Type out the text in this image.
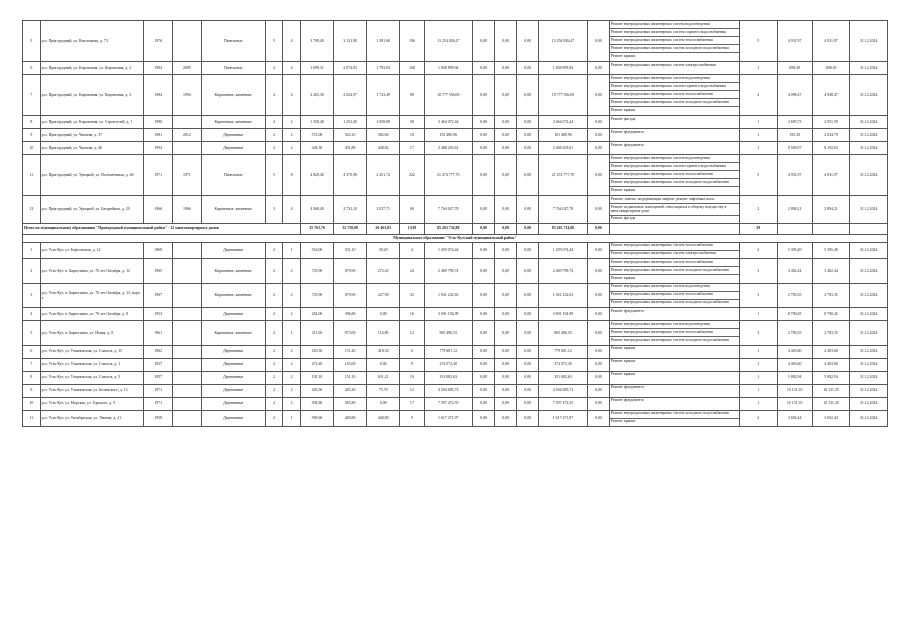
5	р.п. Пригородный, ул. Вокзальная, д. 73	1976		Панельные	5	4	3 709,40	3 121,90	1 381,60	196	13 254 826,47	0,00	0,00	0,00	13 254 826,47	0,00	Ремонт внутридомовых инженерных систем водоотведения
Ремонт внутридомовых инженерных систем горячего водоснабжения
Ремонт внутридомовых инженерных систем теплоснабжения
Ремонт внутридомовых инженерных систем холодного водоснабжения
Ремонт крыши	5	4 931,97	4 931,97	31.12.2024
6	р.п. Пригородный, ул. Кирпичная, ул. Кирпичная, д. 2	1984	2009	Панельные	4	4	1 699,31	2 074,92	1 783,94	168	1 838 899,94	0,00	0,00	0,00	1 838 899,94	0,00	Ремонт внутридомовых инженерных систем электроснабжения	1	698,30	698,30	31.12.2024
7	р.п. Пригородный, ул. Кирпичная, ул. Кирпичная, д. 3	1984	1994	Кирпичные, каменные	4	4	2 265,30	2 024,97	1 723,49	98	10 777 556,00	0,00	0,00	0,00	10 777 556,00	0,00	Ремонт внутридомовых инженерных систем водоотведения
Ремонт внутридомовых инженерных систем горячего водоснабжения
Ремонт внутридомовых инженерных систем теплоснабжения
Ремонт внутридомовых инженерных систем холодного водоснабжения
Ремонт крыши	4	4 098,47	4 948,47	31.12.2024
8	р.п. Пригородный, ул. Кирпичная, ул. Строителей, д. 1	1980		Кирпичные, каменные	4	2	1 358,40	1 253,40	1 058,08	58	3 464 072,44	0,00	0,00	0,00	3 464 072,44	0,00	Ремонт фасада	1	2 695,73	2 951,59	31.12.2024
9	р.п. Пригородный, ул. Чапаева, д. 37	1981	2012	Деревянные	2	2	572,00	543,10	382,60	18	181 480,96	0,00	0,00	0,00	181 480,96	0,00	Ремонт фундамента	1	195,39	2 634,79	31.12.2024
10	р.п. Пригородный, ул. Чапаева, д. 46	1994		Деревянные	2	2	344,30	301,88	448,82	17	2 468 203,61	0,00	0,00	0,00	2 468 203,61	0,00	Ремонт фундамента	1	8 500,97	8 192,02	31.12.2024
11	р.п. Пригородный, ул. Урицкий, ул. Волочаевская, д. 60	1971	1971	Панельные	5	8	4 820,40	4 370,90	2 451,74	242	21 474 777,70	0,00	0,00	0,00	21 474 777,70	0,00	Ремонт внутридомовых инженерных систем водоотведения
Ремонт внутридомовых инженерных систем горячего водоснабжения
Ремонт внутридомовых инженерных систем теплоснабжения
Ремонт внутридомовых инженерных систем холодного водоснабжения
Ремонт крыши	5	4 931,97	4 931,97	31.12.2024
12	р.п. Пригородный, ул. Урицкий, ул. Батарейная, д. 29	1966	1966	Кирпичные, каменные	3	4	4 368,40	2 732,10	2 037,71	60	7 764 027,78	0,00	0,00	0,00	7 764 027,78	0,00	Ремонт, замена, модернизация лифтов, ремонт лифтовых шахт
Ремонт подвальных помещений, относящихся к общему имуществу в многоквартирном доме
Ремонт фасада	2	2 894,21	2 894,21	31.12.2024
Итого по муниципальному образованию "Пригородный муниципальный район" - 12 многоквартирных домов							35 763,76	32 758,00	26 463,83	1 019	85 263 734,88	0,00	0,00	0,00	85 263 734,88	0,00		29			
Муниципальное образование "Усть-Кутский муниципальный район"																					
1	р.п. Усть-Кут, ул. Березовская, д. 12	1968		Деревянные	2	1	516,00	331,10	30,20	4	1 459 074,44	0,00	0,00	0,00	1 459 074,44	0,00	Ремонт внутридомовых инженерных систем теплоснабжения
Ремонт внутридомовых инженерных систем электроснабжения	2	5 395,49	5 395,49	31.12.2024
2	р.п. Усть-Кут, п. Бирюсинка, ул. 70 лет Октября, д. 12	1965		Кирпичные, каменные	2	2	725,90	679,90	272,43	24	2 469 799,74	0,00	0,00	0,00	2 469 799,74	0,00	Ремонт внутридомовых инженерных систем теплоснабжения
Ремонт внутридомовых инженерных систем холодного водоснабжения
Ремонт крыши	3	3 402,44	3 402,44	31.12.2024
3	р.п. Усть-Кут, п. Бирюсинка, ул. 70 лет Октября, д. 13, корп. а	1967		Кирпичные, каменные	2	2	725,90	679,90	227,90	43	1 941 232,63	0,00	0,00	0,00	1 941 232,63	0,00	Ремонт внутридомовых инженерных систем водоотведения
Ремонт внутридомовых инженерных систем теплоснабжения
Ремонт внутридомовых инженерных систем холодного водоснабжения	3	2 783,35	2 783,35	31.12.2024
4	р.п. Усть-Кут, п. Бирюсинка, ул. 70 лет Октября, д. 8	1953		Деревянные	2	2	454,00	396,80	0,00	16	3 691 194,99	0,00	0,00	0,00	3 691 194,99	0,00	Ремонт фундамента	1	8 790,45	8 790,45	31.12.2024
5	р.п. Усть-Кут, п. Бирюсинка, ул. Новая, д. 8	1961		Кирпичные, каменные	2	1	311,00	973,00	114,80	12	865 486,55	0,00	0,00	0,00	865 486,55	0,00	Ремонт внутридомовых инженерных систем водоотведения
Ремонт внутридомовых инженерных систем теплоснабжения
Ремонт внутридомовых инженерных систем холодного водоснабжения	3	2 783,35	2 783,35	31.12.2024
6	р.п. Усть-Кут, ул. Ульяновская, ул. Совхоза, д. 15	1962		Деревянные	2	2	418,30	151,20	418,30	6	779 681,12	0,00	0,00	0,00	779 681,12	0,00	Ремонт крыши	1	4 403,60	4 403,60	31.12.2024
7	р.п. Усть-Кут, ул. Ульяновская, ул. Совхоза, д. 1	1957		Деревянные	2	2	472,40	145,00	0,00	9	274 072,30	0,00	0,00	0,00	274 072,30	0,00	Ремонт крыши	1	4 403,60	4 403,60	31.12.2024
8	р.п. Усть-Кут, ул. Ульяновская, ул. Совхоза, д. 5	1957		Деревянные	2	2	191,10	151,10	631,21	10	351 082,63	0,00	0,00	0,00	351 082,63	0,00	Ремонт крыши	1	5 882,94	5 882,94	31.12.2024
9	р.п. Усть-Кут, ул. Ульяновская, ул. Белинского, д. 13	1971		Деревянные	2	2	445,50	445,30	75,70	12	4 504 685,73	0,00	0,00	0,00	4 504 685,73	0,00	Ремонт фундамента	1	10 131,35	10 131,35	31.12.2024
10	р.п. Усть-Кут, ул. Морская, ул. Горького, д. 9	1971		Деревянные	2	2	594,80	565,80	0,00	17	7 597 472,55	0,00	0,00	0,00	7 597 472,55	0,00	Ремонт фундамента	1	10 131,35	10 131,35	31.12.2024
11	р.п. Усть-Кут, ул. Октябрьская, ул. Ленина, д. 21	1958		Деревянные	2	1	590,60	440,80	440,80	9	1 617 471,97	0,00	0,00	0,00	1 617 471,97	0,00	Ремонт внутридомовых инженерных систем холодного водоснабжения
Ремонт крыши	2	3 692,44	3 692,44	31.12.2024
